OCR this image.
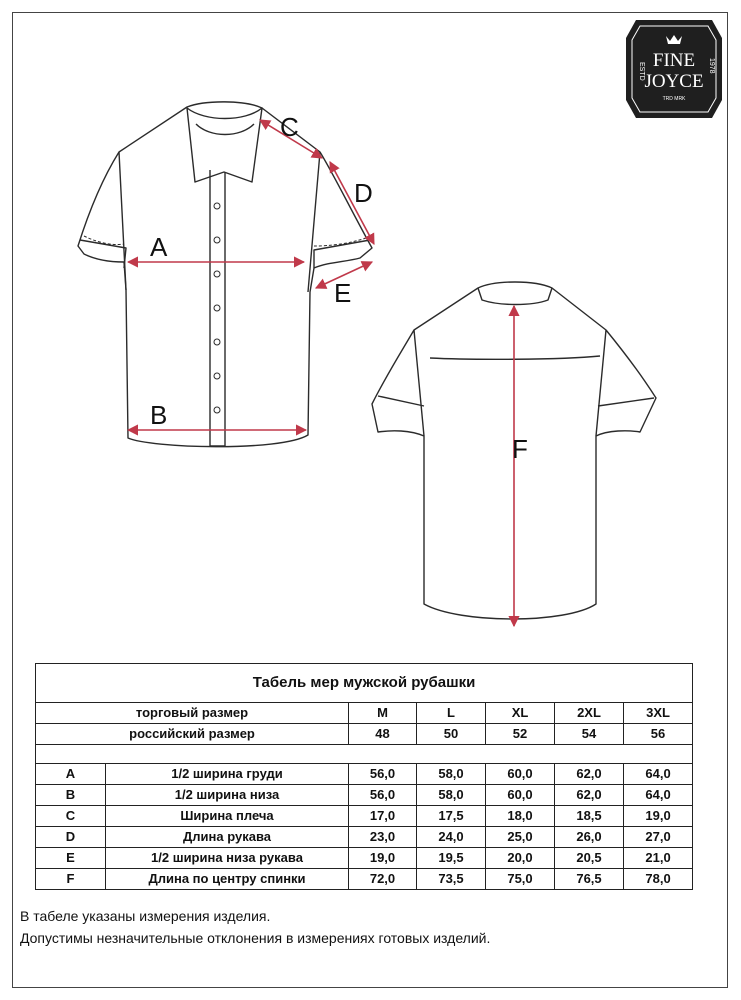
FINE
JOYCE
ESTD	1978
TRD MRK
A
B
C
D
E
F
Табель мер мужской рубашки						
торговый размер		M	L	XL	2XL	3XL
российский размер		48	50	52	54	56

A	1/2 ширина груди	56,0	58,0	60,0	62,0	64,0
B	1/2 ширина низа	56,0	58,0	60,0	62,0	64,0
C	Ширина плеча	17,0	17,5	18,0	18,5	19,0
D	Длина рукава	23,0	24,0	25,0	26,0	27,0
E	1/2 ширина низа рукава	19,0	19,5	20,0	20,5	21,0
F	Длина по центру спинки	72,0	73,5	75,0	76,5	78,0
В табеле указаны измерения изделия.
Допустимы незначительные отклонения в измерениях готовых изделий.
